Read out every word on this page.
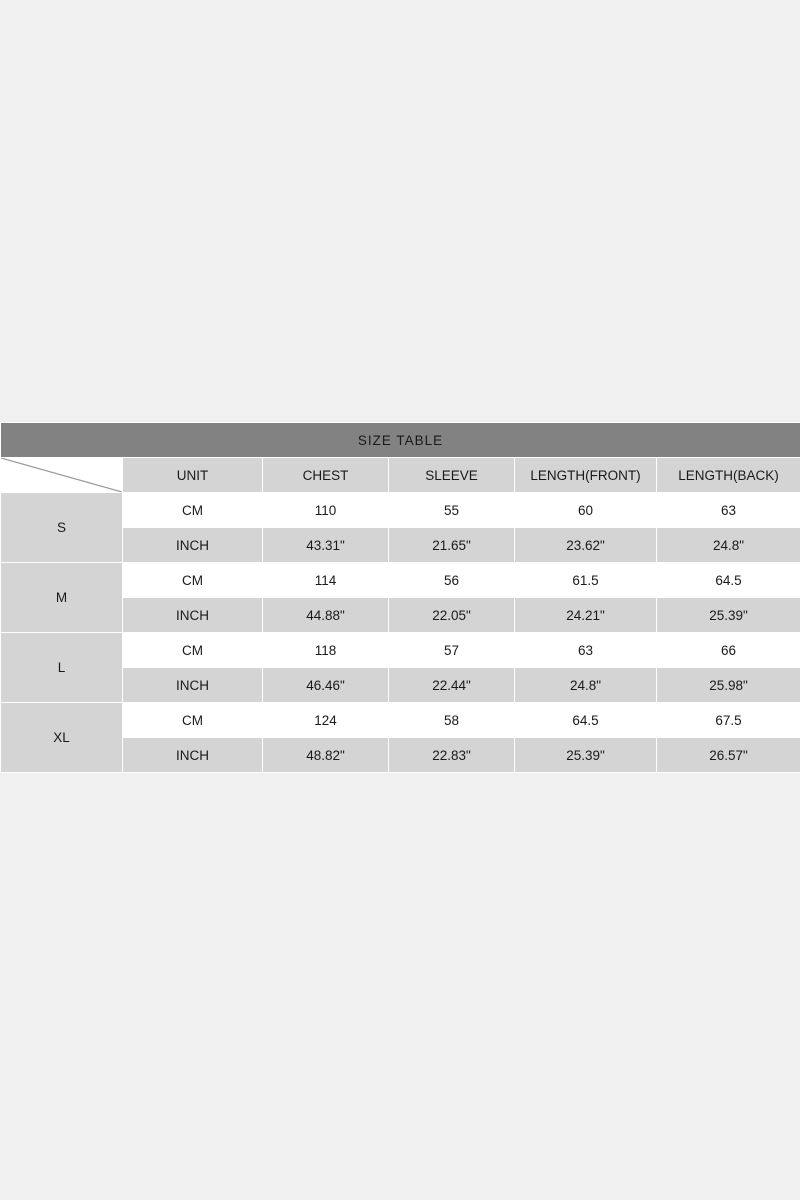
SIZE TABLE					

	UNIT	CHEST	SLEEVE	LENGTH(FRONT)	LENGTH(BACK)
S	CM	110	55	60	63
	INCH	43.31"	21.65"	23.62"	24.8"
M	CM	114	56	61.5	64.5
	INCH	44.88"	22.05"	24.21"	25.39"
L	CM	118	57	63	66
	INCH	46.46"	22.44"	24.8"	25.98"
XL	CM	124	58	64.5	67.5
	INCH	48.82"	22.83"	25.39"	26.57"
